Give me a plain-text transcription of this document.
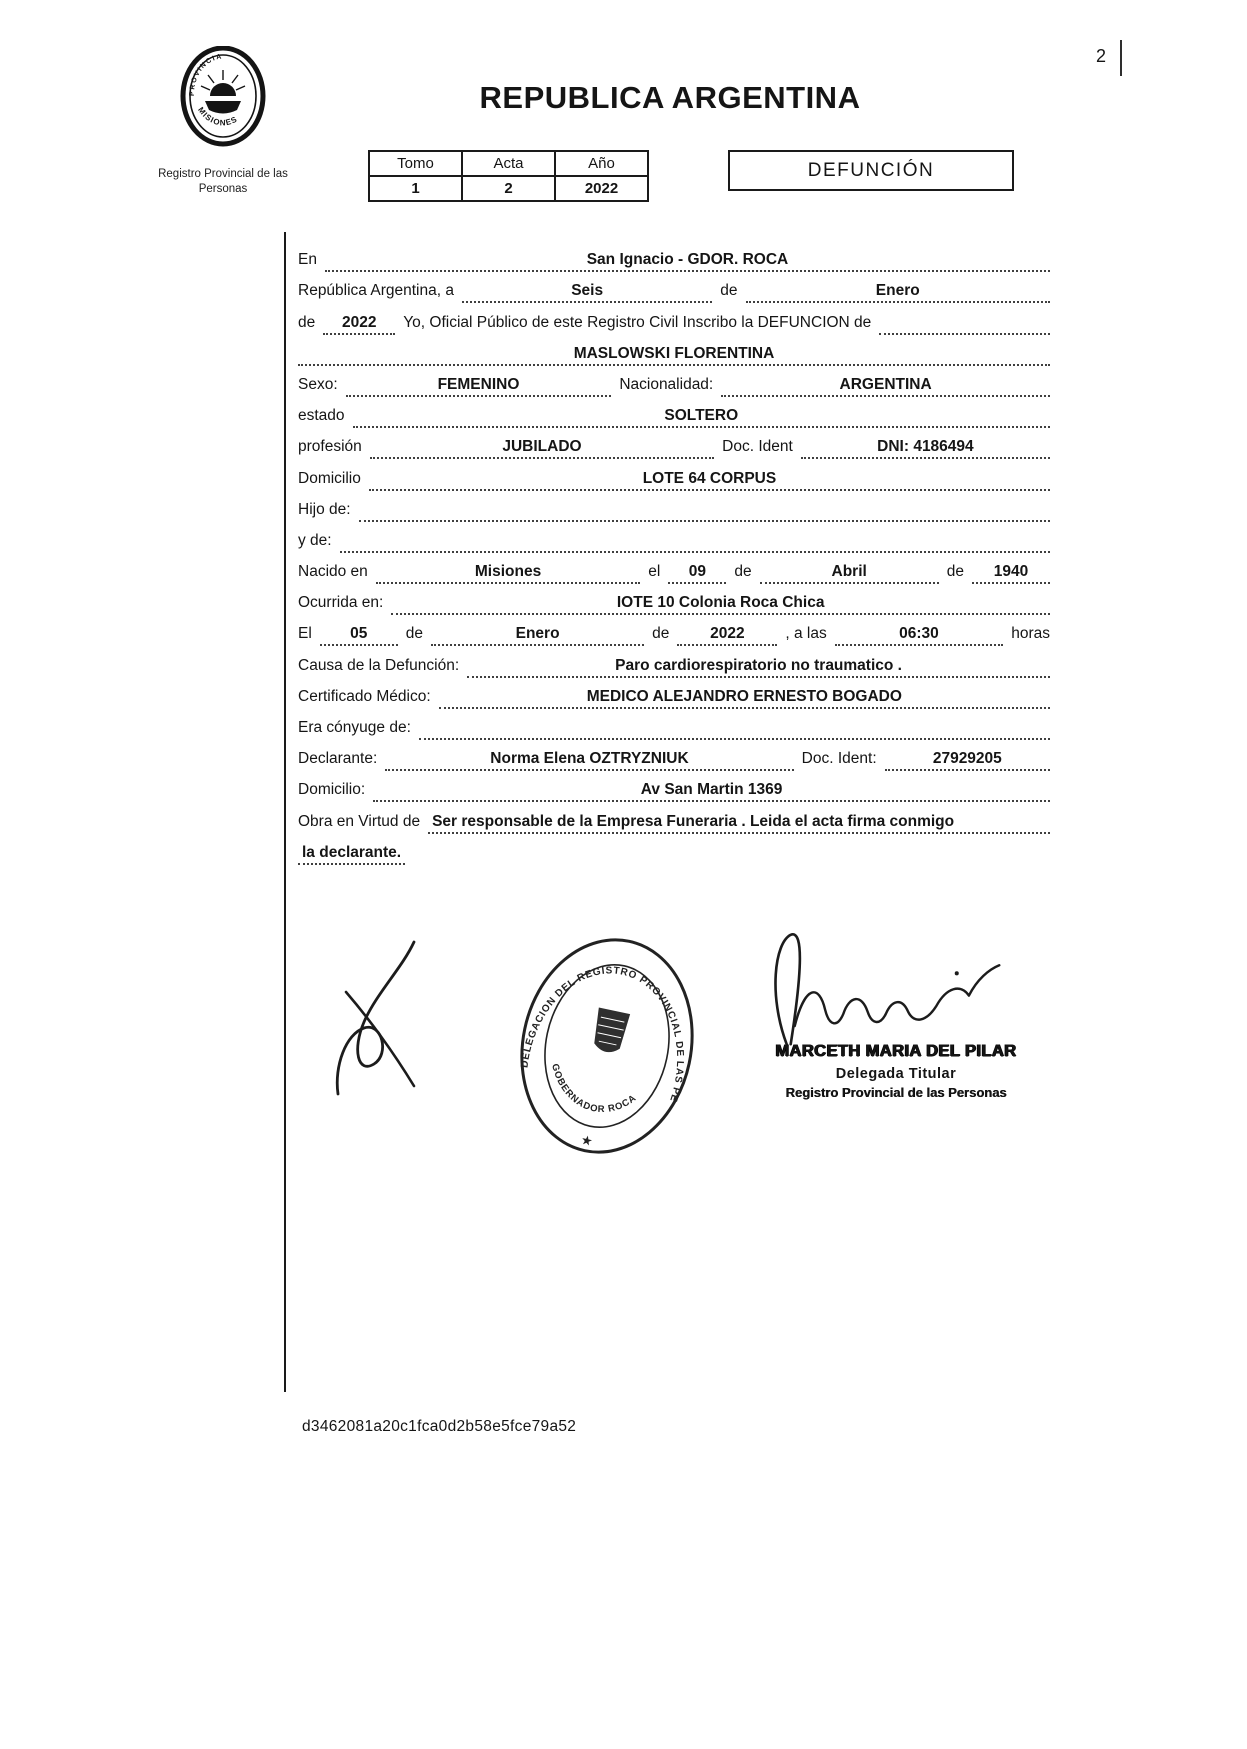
2
PROVINCIA
MISIONES
Registro Provincial de las Personas
REPUBLICA ARGENTINA
Tomo	Acta	Año
1	2	2022
DEFUNCIÓN
En	San Ignacio - GDOR. ROCA
República Argentina, a	Seis	de	Enero
de	2022	Yo, Oficial Público de este Registro Civil Inscribo la DEFUNCION de
MASLOWSKI FLORENTINA
Sexo:	FEMENINO	Nacionalidad:	ARGENTINA
estado	SOLTERO
profesión	JUBILADO	Doc. Ident	DNI: 4186494
Domicilio	LOTE 64 CORPUS
Hijo de:
y de:
Nacido en	Misiones	el	09	de	Abril	de	1940
Ocurrida en:	IOTE 10 Colonia Roca Chica
El	05	de	Enero	de	2022	, a las	06:30	horas
Causa de la Defunción:	Paro cardiorespiratorio no traumatico .
Certificado Médico:	MEDICO ALEJANDRO ERNESTO BOGADO
Era cónyuge de:
Declarante:	Norma Elena OZTRYZNIUK	Doc. Ident:	27929205
Domicilio:	Av San Martin 1369
Obra en Virtud de Ser responsable de la Empresa Funeraria . Leida el acta firma conmigo
la declarante.
DELEGACION DEL REGISTRO PROVINCIAL DE LAS PERSONAS
GOBERNADOR ROCA
★
MARCETH MARIA DEL PILAR
Delegada Titular
Registro Provincial de las Personas
d3462081a20c1fca0d2b58e5fce79a52
